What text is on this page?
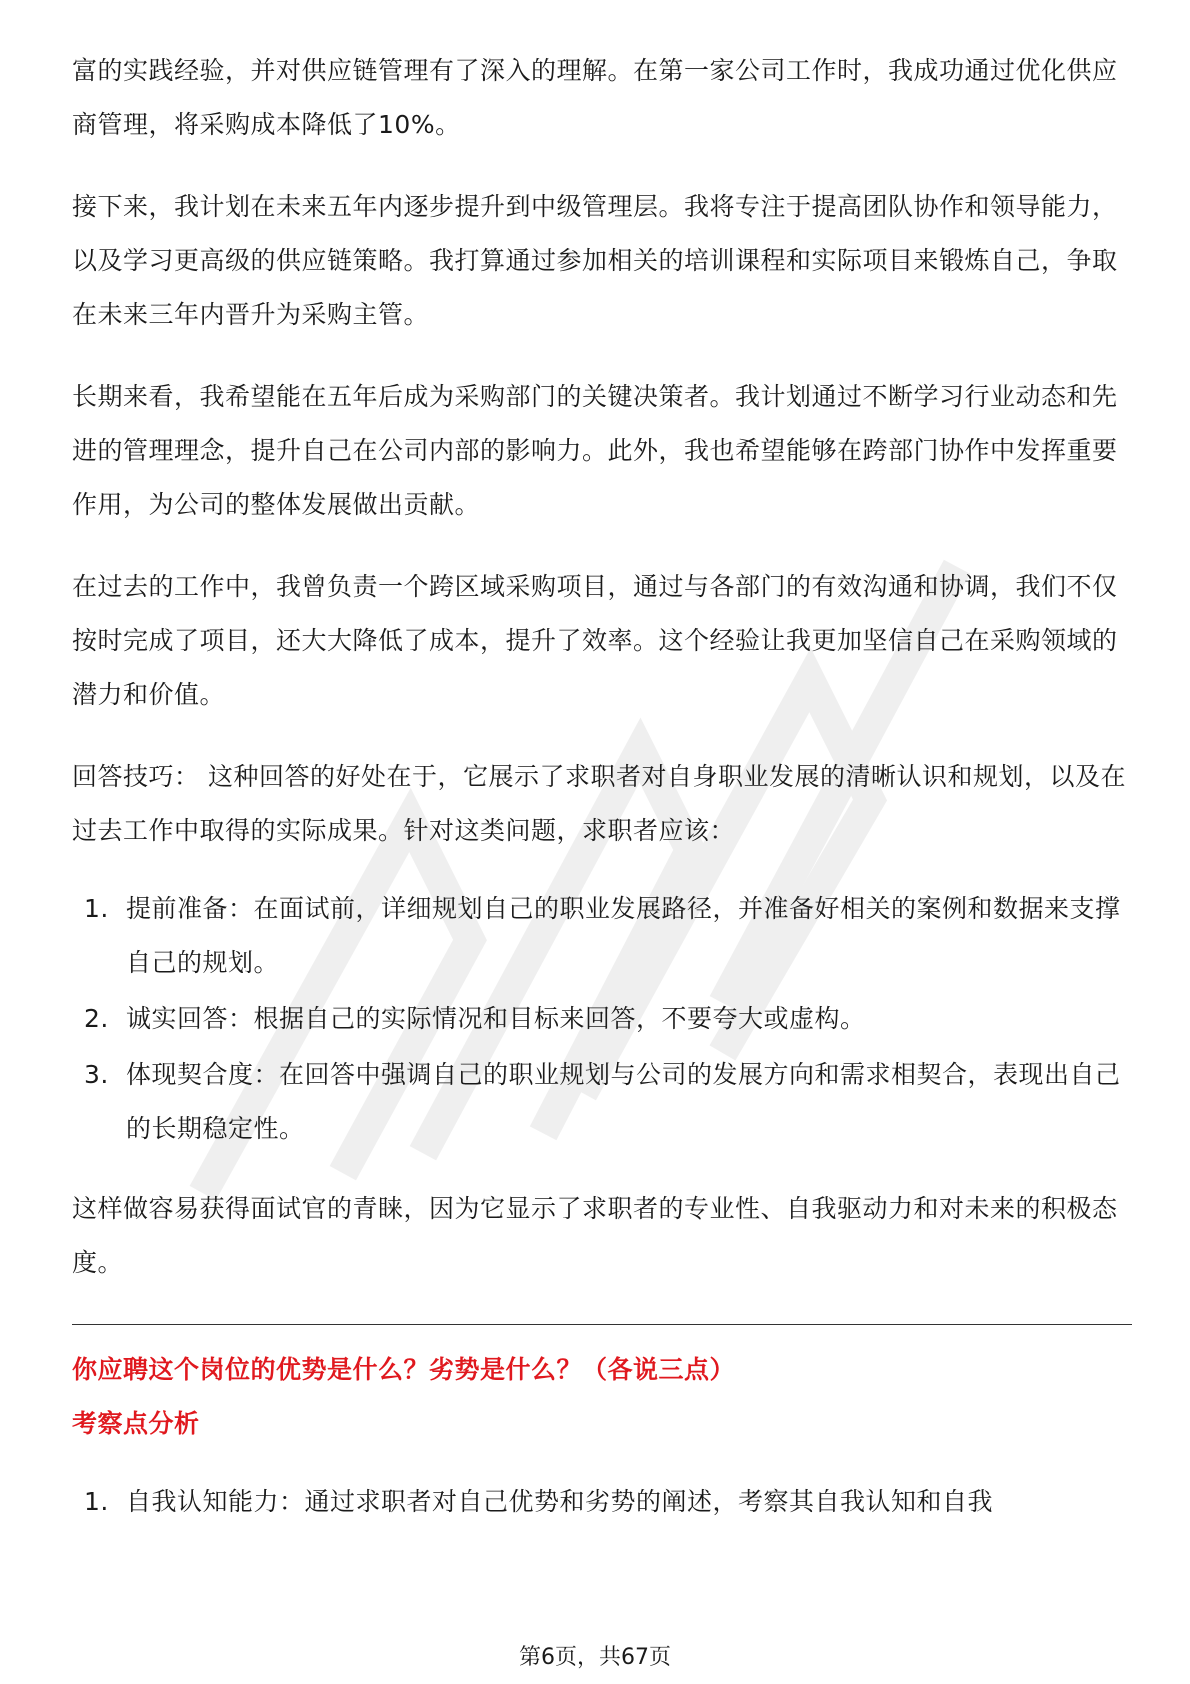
富的实践经验，并对供应链管理有了深入的理解。在第一家公司工作时，我成功通过优化供应商管理，将采购成本降低了10%。

接下来，我计划在未来五年内逐步提升到中级管理层。我将专注于提高团队协作和领导能力，以及学习更高级的供应链策略。我打算通过参加相关的培训课程和实际项目来锻炼自己，争取在未来三年内晋升为采购主管。

长期来看，我希望能在五年后成为采购部门的关键决策者。我计划通过不断学习行业动态和先进的管理理念，提升自己在公司内部的影响力。此外，我也希望能够在跨部门协作中发挥重要作用，为公司的整体发展做出贡献。

在过去的工作中，我曾负责一个跨区域采购项目，通过与各部门的有效沟通和协调，我们不仅按时完成了项目，还大大降低了成本，提升了效率。这个经验让我更加坚信自己在采购领域的潜力和价值。

回答技巧： 这种回答的好处在于，它展示了求职者对自身职业发展的清晰认识和规划，以及在过去工作中取得的实际成果。针对这类问题，求职者应该：

1. 提前准备：在面试前，详细规划自己的职业发展路径，并准备好相关的案例和数据来支撑自己的规划。
2. 诚实回答：根据自己的实际情况和目标来回答，不要夸大或虚构。
3. 体现契合度：在回答中强调自己的职业规划与公司的发展方向和需求相契合，表现出自己的长期稳定性。

这样做容易获得面试官的青睐，因为它显示了求职者的专业性、自我驱动力和对未来的积极态度。

你应聘这个岗位的优势是什么？劣势是什么？（各说三点）

考察点分析

1. 自我认知能力：通过求职者对自己优势和劣势的阐述，考察其自我认知和自我
第6页，共67页
